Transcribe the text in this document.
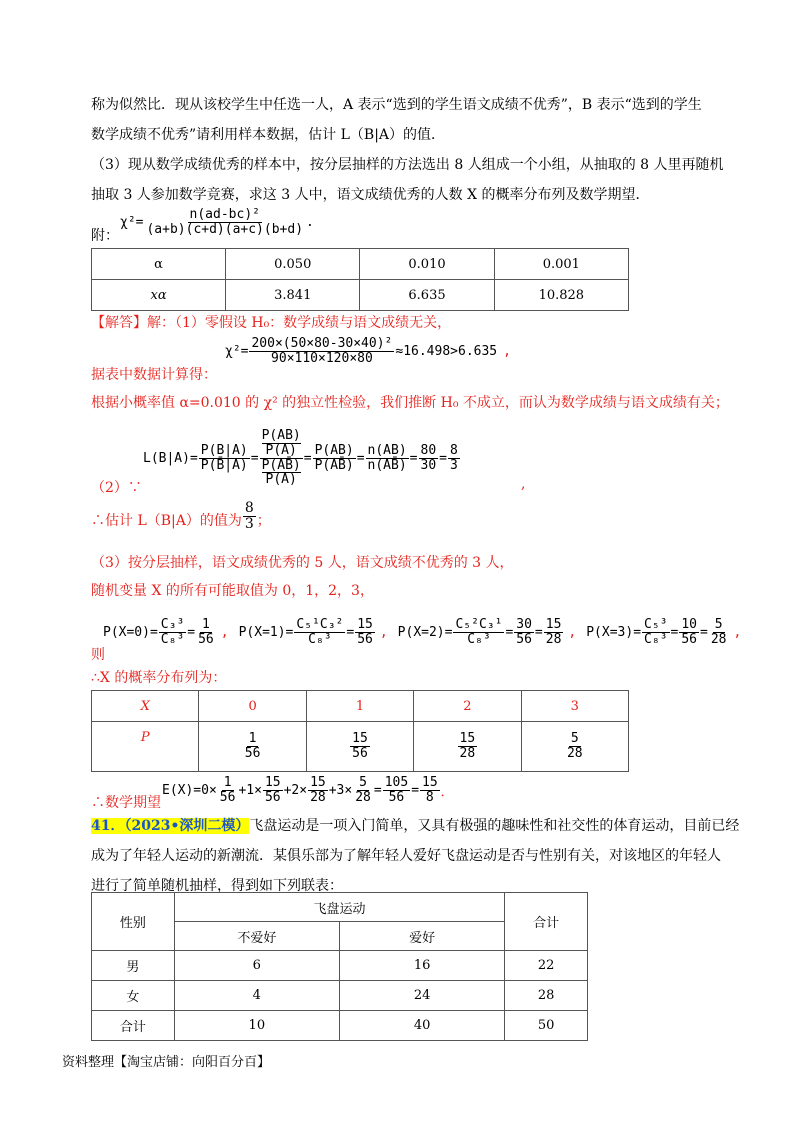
称为似然比．现从该校学生中任选一人，A 表示“选到的学生语文成绩不优秀”，B 表示“选到的学生
数学成绩不优秀”请利用样本数据，估计 L（B|A）的值．
（3）现从数学成绩优秀的样本中，按分层抽样的方法选出 8 人组成一个小组，从抽取的 8 人里再随机
抽取 3 人参加数学竞赛，求这 3 人中，语文成绩优秀的人数 X 的概率分布列及数学期望．
附：
$\chi^2= \frac{\text{n(ad-bc)²}}{(a+b)(c+d)(a+c)(b+d)}$ .
α	0.050	0.010	0.001
xα	3.841	6.635	10.828
【解答】解：（1）零假设 H₀：数学成绩与语文成绩无关，
据表中数据计算得：
$\chi^2= \frac{\text{200×(50×80-30×40)²}}{90\times 110\times 120\times 80} \approx 16.498>6.635$ ,
根据小概率值 α=0.010 的 χ² 的独立性检验，我们推断 H₀ 不成立，而认为数学成绩与语文成绩有关；
$L(B|A)= \frac{P(B|A)}{P(B̄|A)} = \frac{\frac{P(AB)}{P(A)}}{\frac{P(AB̄)}{P(A)}} = \frac{P(AB)}{P(AB̄)} = \frac{n(AB)}{n(AB̄)} = \frac{80}{30} = \frac{8}{3}$
（2）∵	,
∴估计 L（B|A）的值为 $\frac{8}{3}$ ；
（3）按分层抽样，语文成绩优秀的 5 人，语文成绩不优秀的 3 人，
随机变量 X 的所有可能取值为 0，1，2，3，
$P(X=0)= \frac{\text{C₃³}}{\text{C₈³}} = \frac{1}{56}$ , $P(X=1)= \frac{\text{C₅¹C₃²}}{\text{C₈³}} = \frac{15}{56}$ , $P(X=2)= \frac{\text{C₅²C₃¹}}{\text{C₈³}} = \frac{30}{56} = \frac{15}{28}$ , $P(X=3)= \frac{\text{C₅³}}{\text{C₈³}} = \frac{10}{56} = \frac{5}{28}$ ,
则
∴X 的概率分布列为：
X	0	1	2	3
P	$\frac{1}{56}$	$\frac{15}{56}$	$\frac{15}{28}$	$\frac{5}{28}$
∴数学期望
$E(X)=0\times \frac{1}{56} +1\times \frac{15}{56} +2\times \frac{15}{28} +3\times \frac{5}{28} = \frac{105}{56} = \frac{15}{8}$ ．
41．（2023•深圳二模）飞盘运动是一项入门简单，又具有极强的趣味性和社交性的体育运动，目前已经
成为了年轻人运动的新潮流．某俱乐部为了解年轻人爱好飞盘运动是否与性别有关，对该地区的年轻人
进行了简单随机抽样，得到如下列联表：
性别	飞盘运动		合计
	不爱好	爱好	
男	6	16	22
女	4	24	28
合计	10	40	50
资料整理【淘宝店铺：向阳百分百】
